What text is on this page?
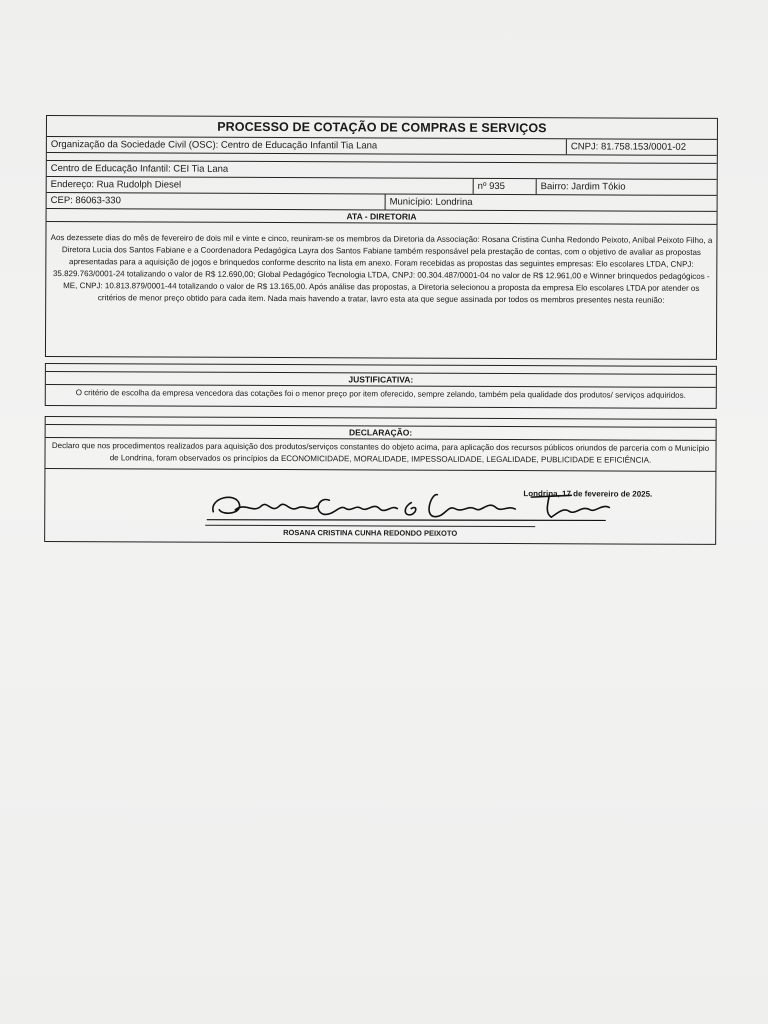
PROCESSO DE COTAÇÃO DE COMPRAS E SERVIÇOS
Organização da Sociedade Civil (OSC): Centro de Educação Infantil Tia Lana	CNPJ: 81.758.153/0001-02
Centro de Educação Infantil: CEI Tia Lana
Endereço: Rua Rudolph Diesel	nº 935	Bairro: Jardim Tókio
CEP: 86063-330	Município: Londrina
ATA - DIRETORIA
Aos dezessete dias do mês de fevereiro de dois mil e vinte e cinco, reuniram-se os membros da Diretoria da Associação: Rosana Cristina Cunha Redondo Peixoto, Aníbal Peixoto Filho, a Diretora Lucia dos Santos Fabiane e a Coordenadora Pedagógica Layra dos Santos Fabiane também responsável pela prestação de contas, com o objetivo de avaliar as propostas apresentadas para a aquisição de jogos e brinquedos conforme descrito na lista em anexo. Foram recebidas as propostas das seguintes empresas: Elo escolares LTDA, CNPJ: 35.829.763/0001-24 totalizando o valor de R$ 12.690,00; Global Pedagógico Tecnologia LTDA, CNPJ: 00.304.487/0001-04 no valor de R$ 12.961,00 e Winner brinquedos pedagógicos - ME, CNPJ: 10.813.879/0001-44 totalizando o valor de R$ 13.165,00. Após análise das propostas, a Diretoria selecionou a proposta da empresa Elo escolares LTDA por atender os critérios de menor preço obtido para cada item. Nada mais havendo a tratar, lavro esta ata que segue assinada por todos os membros presentes nesta reunião:
JUSTIFICATIVA:
O critério de escolha da empresa vencedora das cotações foi o menor preço por item oferecido, sempre zelando, também pela qualidade dos produtos/ serviços adquiridos.
DECLARAÇÃO:
Declaro que nos procedimentos realizados para aquisição dos produtos/serviços constantes do objeto acima, para aplicação dos recursos públicos oriundos de parceria com o Município de Londrina, foram observados os princípios da ECONOMICIDADE, MORALIDADE, IMPESSOALIDADE, LEGALIDADE, PUBLICIDADE E EFICIÊNCIA.
Londrina, 17 de fevereiro de 2025.
ROSANA CRISTINA CUNHA REDONDO PEIXOTO
